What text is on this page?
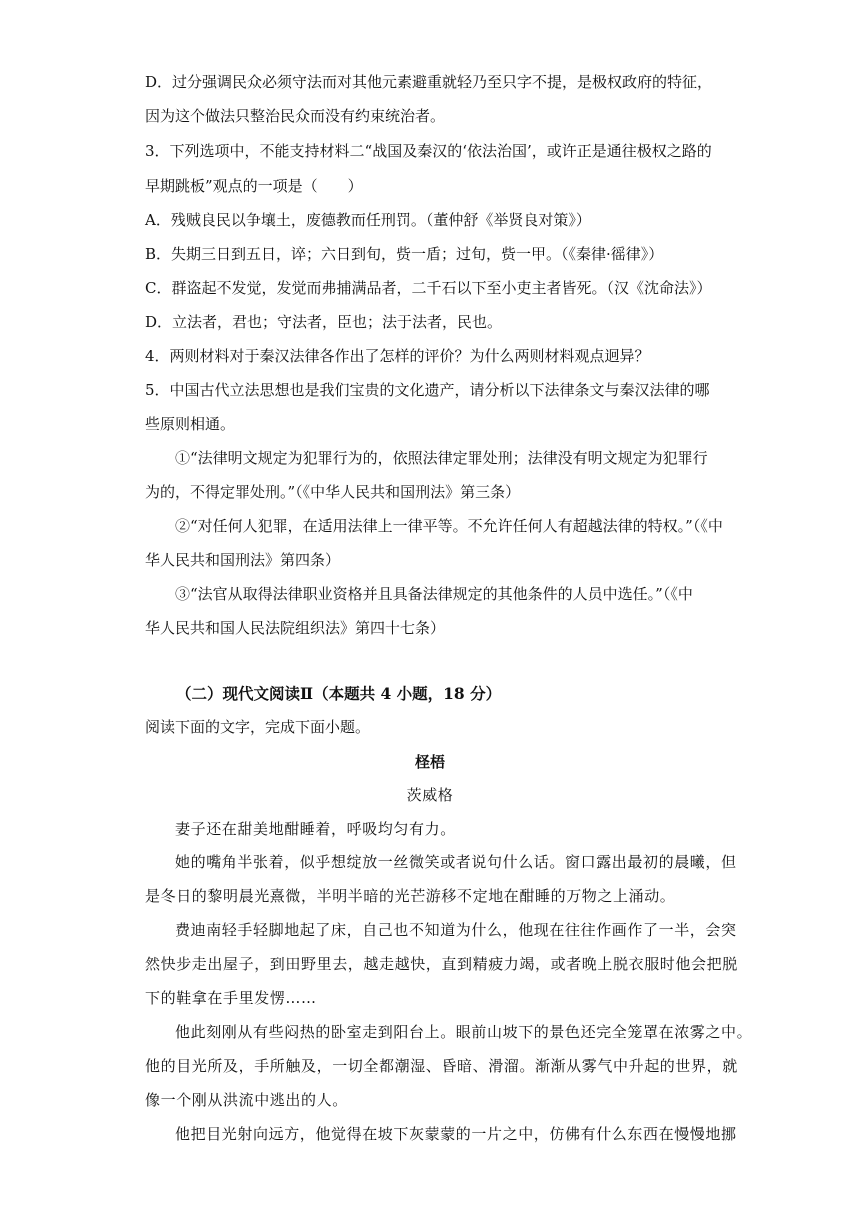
D．过分强调民众必须守法而对其他元素避重就轻乃至只字不提，是极权政府的特征，

因为这个做法只整治民众而没有约束统治者。

3．下列选项中，不能支持材料二“战国及秦汉的‘依法治国’，或许正是通往极权之路的

早期跳板”观点的一项是（　　）

A．残贼良民以争壤土，废德教而任刑罚。（董仲舒《举贤良对策》）

B．失期三日到五日，谇；六日到旬，赀一盾；过旬，赀一甲。（《秦律·徭律》）

C．群盗起不发觉，发觉而弗捕满品者，二千石以下至小吏主者皆死。（汉《沈命法》）

D．立法者，君也；守法者，臣也；法于法者，民也。

4．两则材料对于秦汉法律各作出了怎样的评价？为什么两则材料观点迥异？

5．中国古代立法思想也是我们宝贵的文化遗产，请分析以下法律条文与秦汉法律的哪

些原则相通。

①“法律明文规定为犯罪行为的，依照法律定罪处刑；法律没有明文规定为犯罪行

为的，不得定罪处刑。”（《中华人民共和国刑法》第三条）

②“对任何人犯罪，在适用法律上一律平等。不允许任何人有超越法律的特权。”（《中

华人民共和国刑法》第四条）

③“法官从取得法律职业资格并且具备法律规定的其他条件的人员中选任。”（《中

华人民共和国人民法院组织法》第四十七条）

（二）现代文阅读Ⅱ（本题共 4 小题，18 分）

阅读下面的文字，完成下面小题。

柽梧

茨威格

妻子还在甜美地酣睡着，呼吸均匀有力。

她的嘴角半张着，似乎想绽放一丝微笑或者说句什么话。窗口露出最初的晨曦，但

是冬日的黎明晨光熹微，半明半暗的光芒游移不定地在酣睡的万物之上涌动。

费迪南轻手轻脚地起了床，自己也不知道为什么，他现在往往作画作了一半，会突

然快步走出屋子，到田野里去，越走越快，直到精疲力竭，或者晚上脱衣服时他会把脱

下的鞋拿在手里发愣……

他此刻刚从有些闷热的卧室走到阳台上。眼前山坡下的景色还完全笼罩在浓雾之中。

他的目光所及，手所触及，一切全都潮湿、昏暗、滑溜。渐渐从雾气中升起的世界，就

像一个刚从洪流中逃出的人。

他把目光射向远方，他觉得在坡下灰蒙蒙的一片之中，仿佛有什么东西在慢慢地挪
